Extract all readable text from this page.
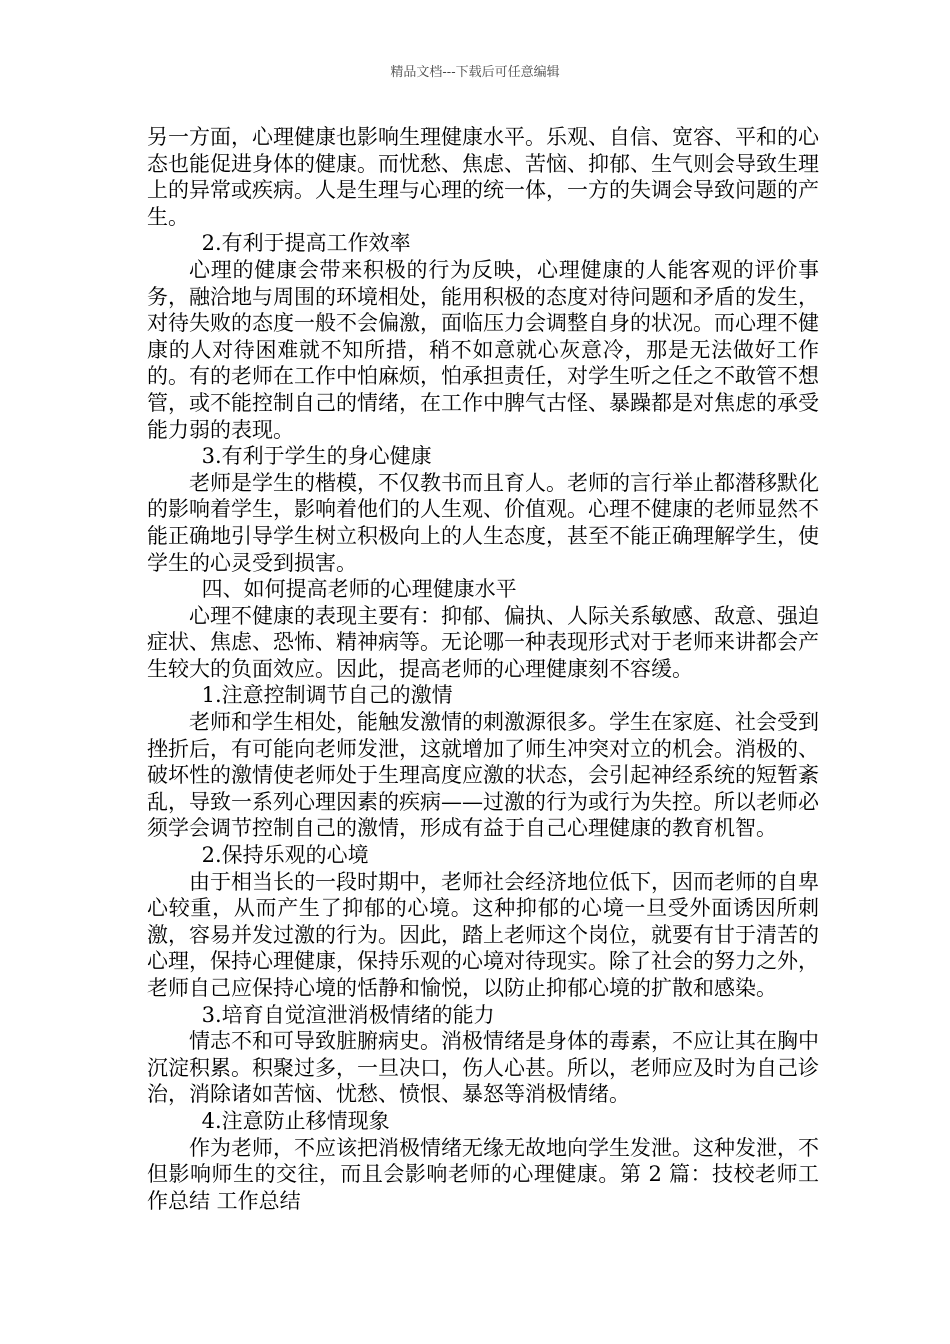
精品文档---下载后可任意编辑

另一方面，心理健康也影响生理健康水平。乐观、自信、宽容、平和的心态也能促进身体的健康。而忧愁、焦虑、苦恼、抑郁、生气则会导致生理上的异常或疾病。人是生理与心理的统一体，一方的失调会导致问题的产生。

2.有利于提高工作效率

心理的健康会带来积极的行为反映，心理健康的人能客观的评价事务，融洽地与周围的环境相处，能用积极的态度对待问题和矛盾的发生，对待失败的态度一般不会偏激，面临压力会调整自身的状况。而心理不健康的人对待困难就不知所措，稍不如意就心灰意冷，那是无法做好工作的。有的老师在工作中怕麻烦，怕承担责任，对学生听之任之不敢管不想管，或不能控制自己的情绪，在工作中脾气古怪、暴躁都是对焦虑的承受能力弱的表现。

3.有利于学生的身心健康

老师是学生的楷模，不仅教书而且育人。老师的言行举止都潜移默化的影响着学生，影响着他们的人生观、价值观。心理不健康的老师显然不能正确地引导学生树立积极向上的人生态度，甚至不能正确理解学生，使学生的心灵受到损害。

四、如何提高老师的心理健康水平

心理不健康的表现主要有：抑郁、偏执、人际关系敏感、敌意、强迫症状、焦虑、恐怖、精神病等。无论哪一种表现形式对于老师来讲都会产生较大的负面效应。因此，提高老师的心理健康刻不容缓。

1.注意控制调节自己的激情

老师和学生相处，能触发激情的刺激源很多。学生在家庭、社会受到挫折后，有可能向老师发泄，这就增加了师生冲突对立的机会。消极的、破坏性的激情使老师处于生理高度应激的状态，会引起神经系统的短暂紊乱，导致一系列心理因素的疾病——过激的行为或行为失控。所以老师必须学会调节控制自己的激情，形成有益于自己心理健康的教育机智。

2.保持乐观的心境

由于相当长的一段时期中，老师社会经济地位低下，因而老师的自卑心较重，从而产生了抑郁的心境。这种抑郁的心境一旦受外面诱因所刺激，容易并发过激的行为。因此，踏上老师这个岗位，就要有甘于清苦的心理，保持心理健康，保持乐观的心境对待现实。除了社会的努力之外，老师自己应保持心境的恬静和愉悦，以防止抑郁心境的扩散和感染。

3.培育自觉渲泄消极情绪的能力

情志不和可导致脏腑病史。消极情绪是身体的毒素，不应让其在胸中沉淀积累。积聚过多，一旦决口，伤人心甚。所以，老师应及时为自己诊治，消除诸如苦恼、忧愁、愤恨、暴怒等消极情绪。

4.注意防止移情现象

作为老师，不应该把消极情绪无缘无故地向学生发泄。这种发泄，不但影响师生的交往，而且会影响老师的心理健康。第 2 篇：技校老师工作总结 工作总结
